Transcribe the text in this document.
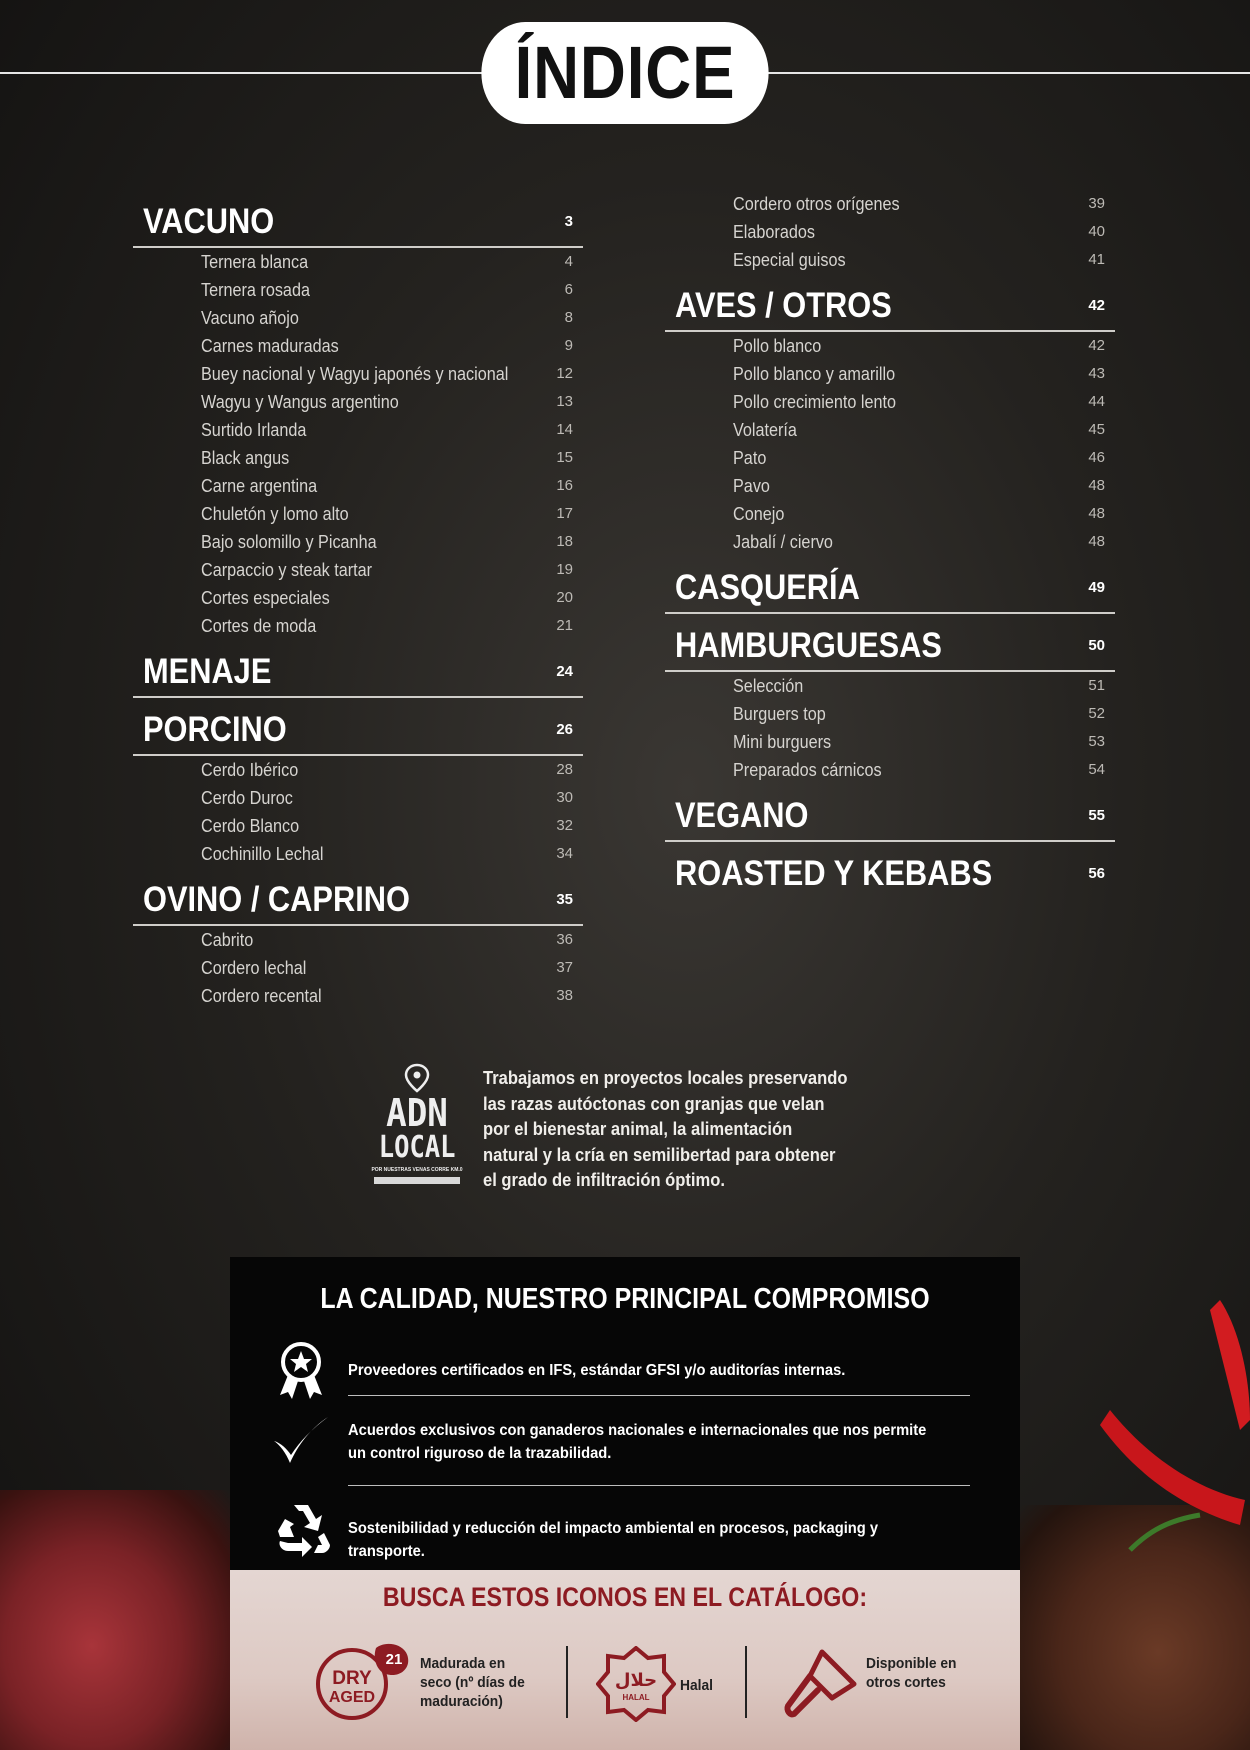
ÍNDICE
VACUNO	3
Ternera blanca	4
Ternera rosada	6
Vacuno añojo	8
Carnes maduradas	9
Buey nacional y Wagyu japonés y nacional	12
Wagyu y Wangus argentino	13
Surtido Irlanda	14
Black angus	15
Carne argentina	16
Chuletón y lomo alto	17
Bajo solomillo y Picanha	18
Carpaccio y steak tartar	19
Cortes especiales	20
Cortes de moda	21
MENAJE	24
PORCINO	26
Cerdo Ibérico	28
Cerdo Duroc	30
Cerdo Blanco	32
Cochinillo Lechal	34
OVINO / CAPRINO	35
Cabrito	36
Cordero lechal	37
Cordero recental	38
Cordero otros orígenes	39
Elaborados	40
Especial guisos	41
AVES / OTROS	42
Pollo blanco	42
Pollo blanco y amarillo	43
Pollo crecimiento lento	44
Volatería	45
Pato	46
Pavo	48
Conejo	48
Jabalí / ciervo	48
CASQUERÍA	49
HAMBURGUESAS	50
Selección	51
Burguers top	52
Mini burguers	53
Preparados cárnicos	54
VEGANO	55
ROASTED Y KEBABS	56
ADN
LOCAL
POR NUESTRAS VENAS CORRE KM.0
Trabajamos en proyectos locales preservando las razas autóctonas con granjas que velan por el bienestar animal, la alimentación natural y la cría en semilibertad para obtener el grado de infiltración óptimo.
LA CALIDAD, NUESTRO PRINCIPAL COMPROMISO
Proveedores certificados en IFS, estándar GFSI y/o auditorías internas.
Acuerdos exclusivos con ganaderos nacionales e internacionales que nos permite un control riguroso de la trazabilidad.
Sostenibilidad y reducción del impacto ambiental en procesos, packaging y transporte.
BUSCA ESTOS ICONOS EN EL CATÁLOGO:
21
DRY
AGED
Madurada en seco (nº días de maduración)
حلال
HALAL
Halal
Disponible en otros cortes
